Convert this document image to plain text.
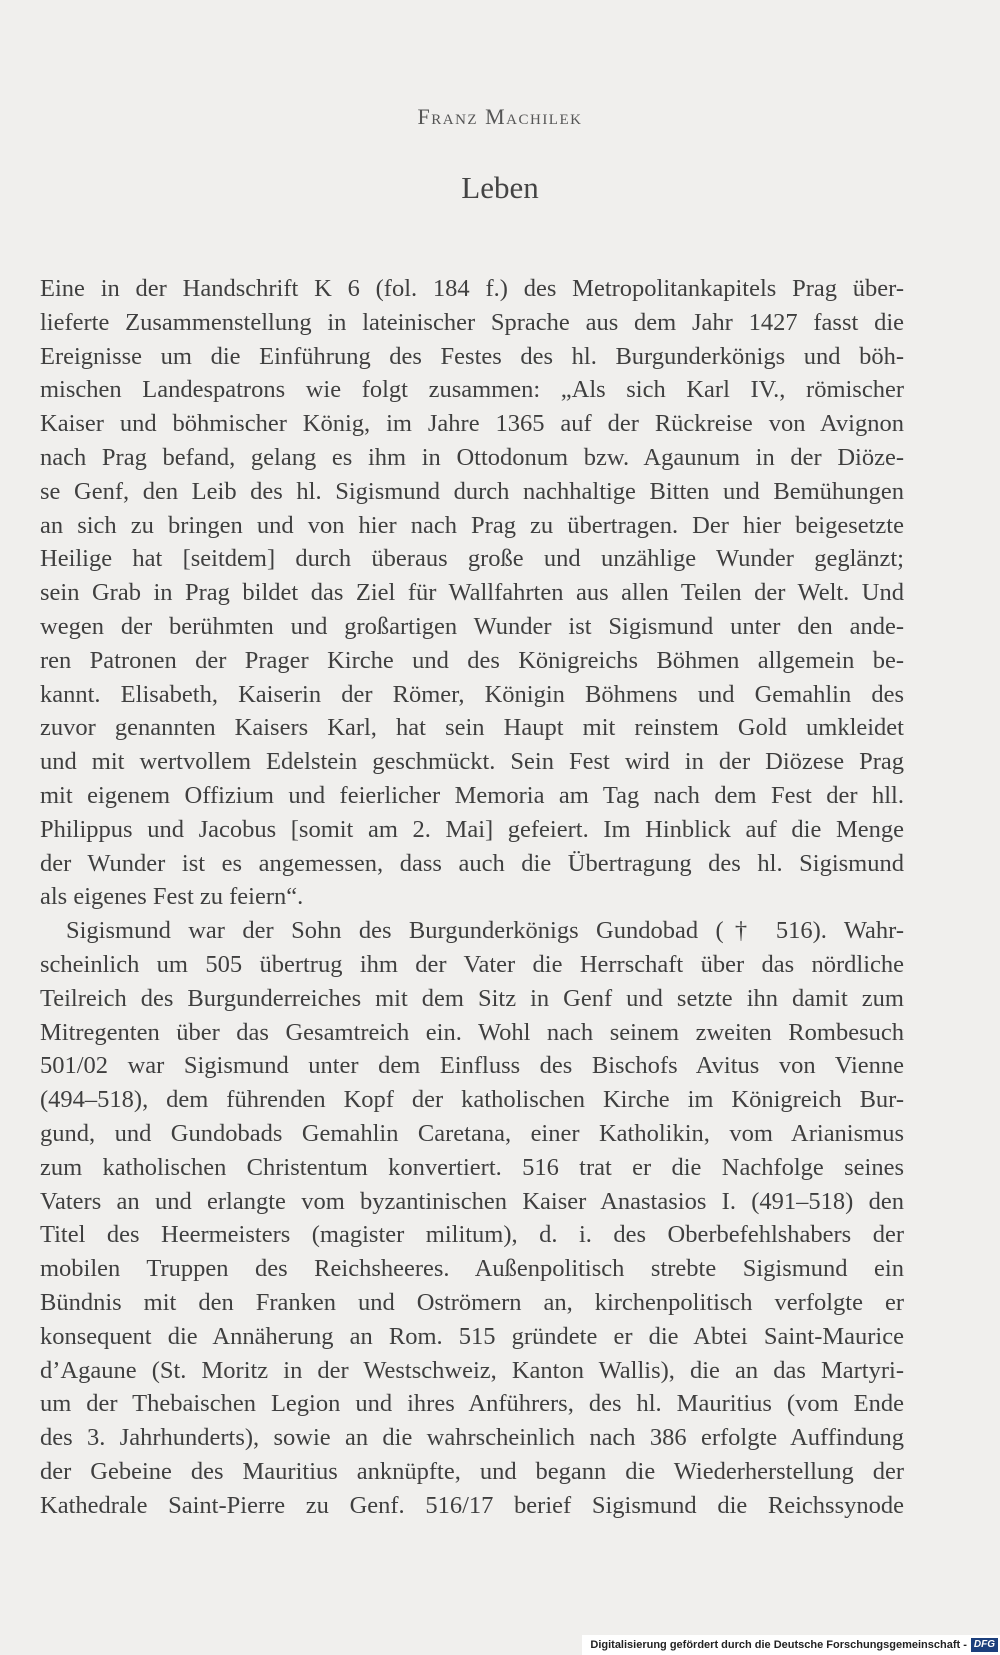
Franz Machilek
Leben
Eine in der Handschrift K 6 (fol. 184 f.) des Metropolitankapitels Prag über-
lieferte Zusammenstellung in lateinischer Sprache aus dem Jahr 1427 fasst die
Ereignisse um die Einführung des Festes des hl. Burgunderkönigs und böh-
mischen Landespatrons wie folgt zusammen: „Als sich Karl IV., römischer
Kaiser und böhmischer König, im Jahre 1365 auf der Rückreise von Avignon
nach Prag befand, gelang es ihm in Ottodonum bzw. Agaunum in der Diöze-
se Genf, den Leib des hl. Sigismund durch nachhaltige Bitten und Bemühungen
an sich zu bringen und von hier nach Prag zu übertragen. Der hier beigesetzte
Heilige hat [seitdem] durch überaus große und unzählige Wunder geglänzt;
sein Grab in Prag bildet das Ziel für Wallfahrten aus allen Teilen der Welt. Und
wegen der berühmten und großartigen Wunder ist Sigismund unter den ande-
ren Patronen der Prager Kirche und des Königreichs Böhmen allgemein be-
kannt. Elisabeth, Kaiserin der Römer, Königin Böhmens und Gemahlin des
zuvor genannten Kaisers Karl, hat sein Haupt mit reinstem Gold umkleidet
und mit wertvollem Edelstein geschmückt. Sein Fest wird in der Diözese Prag
mit eigenem Offizium und feierlicher Memoria am Tag nach dem Fest der hll.
Philippus und Jacobus [somit am 2. Mai] gefeiert. Im Hinblick auf die Menge
der Wunder ist es angemessen, dass auch die Übertragung des hl. Sigismund
als eigenes Fest zu feiern“.
Sigismund war der Sohn des Burgunderkönigs Gundobad († 516). Wahr-
scheinlich um 505 übertrug ihm der Vater die Herrschaft über das nördliche
Teilreich des Burgunderreiches mit dem Sitz in Genf und setzte ihn damit zum
Mitregenten über das Gesamtreich ein. Wohl nach seinem zweiten Rombesuch
501/02 war Sigismund unter dem Einfluss des Bischofs Avitus von Vienne
(494–518), dem führenden Kopf der katholischen Kirche im Königreich Bur-
gund, und Gundobads Gemahlin Caretana, einer Katholikin, vom Arianismus
zum katholischen Christentum konvertiert. 516 trat er die Nachfolge seines
Vaters an und erlangte vom byzantinischen Kaiser Anastasios I. (491–518) den
Titel des Heermeisters (magister militum), d. i. des Oberbefehlshabers der
mobilen Truppen des Reichsheeres. Außenpolitisch strebte Sigismund ein
Bündnis mit den Franken und Oströmern an, kirchenpolitisch verfolgte er
konsequent die Annäherung an Rom. 515 gründete er die Abtei Saint-Maurice
d’Agaune (St. Moritz in der Westschweiz, Kanton Wallis), die an das Martyri-
um der Thebaischen Legion und ihres Anführers, des hl. Mauritius (vom Ende
des 3. Jahrhunderts), sowie an die wahrscheinlich nach 386 erfolgte Auffindung
der Gebeine des Mauritius anknüpfte, und begann die Wiederherstellung der
Kathedrale Saint-Pierre zu Genf. 516/17 berief Sigismund die Reichssynode
Digitalisierung gefördert durch die Deutsche Forschungsgemeinschaft - DFG
